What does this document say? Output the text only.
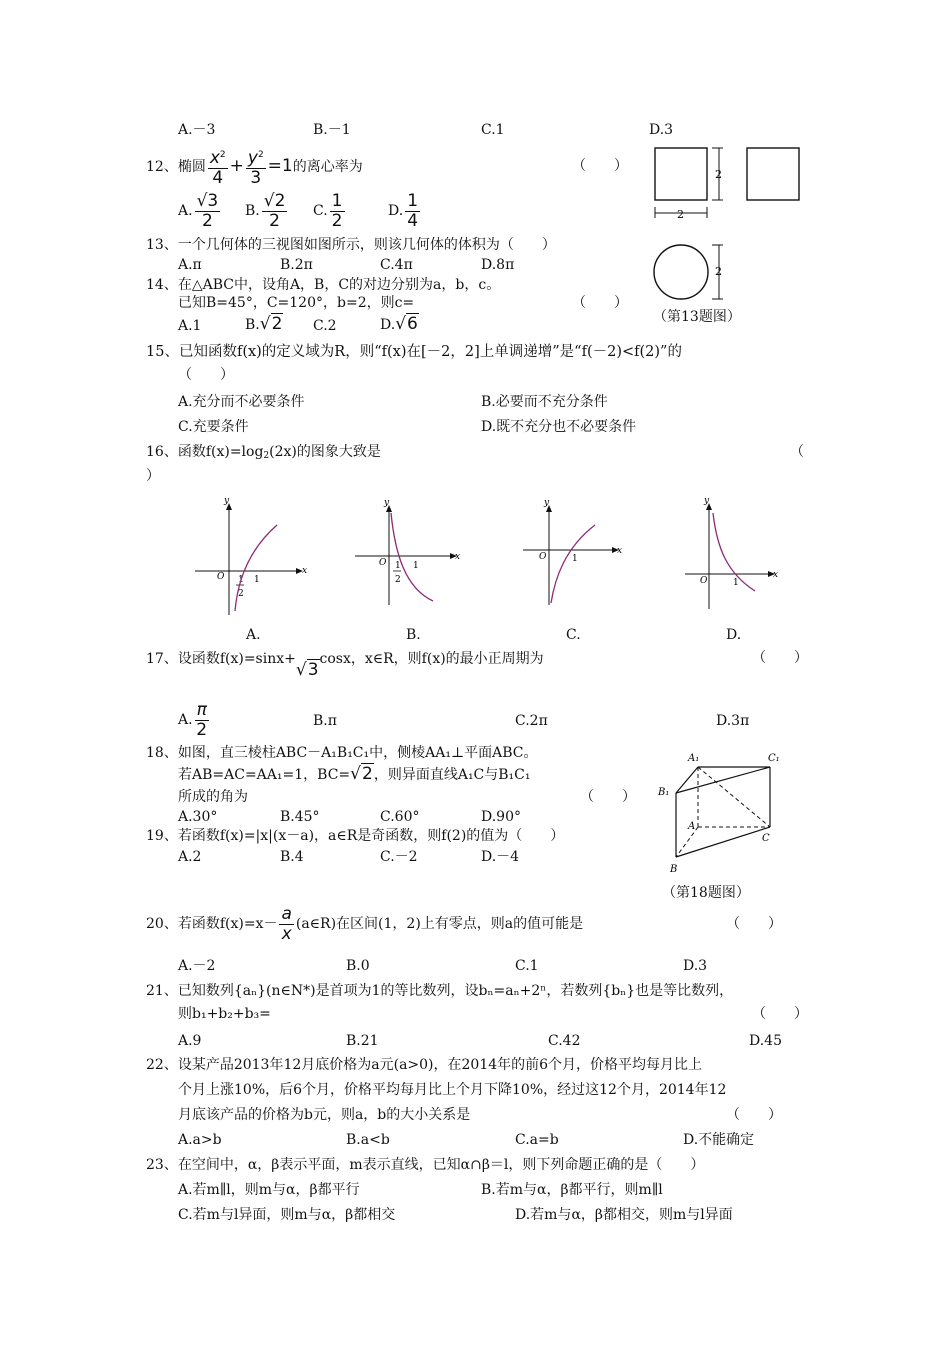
A.－3	B.－1	C.1	D.3
12、椭圆 $\frac{x^2}{4} + \frac{y^2}{3} =1$的离心率为	（　　）
A. $\frac{√3}{2} B$. $\frac{√2}{2} C$. $\frac{1}{2}$	D. $\frac{1}{4}$
2
2
2
（第13题图）
13、一个几何体的三视图如图所示，则该几何体的体积为（　　）
A.π	B.2π	C.4π	D.8π
14、在△ABC中，设角A，B，C的对边分别为a，b，c。
已知B=45°，C=120°，b=2，则c=	（　　）
A.1	B.√2 C.2	D.√6
15、已知函数f(x)的定义域为R，则“f(x)在[－2，2]上单调递增”是“f(－2)<f(2)”的
（　　）
A.充分而不必要条件	B.必要而不充分条件
C.充要条件	D.既不充分也不必要条件
16、函数$f(x)=\log_2(2x)$的图象大致是	（
）
y
x
O 1
2
1
y
x
O 1
2
1
y
x
O	1
y
x
O	1
A.	B.	C.	D.
17、设函数f(x)=sinx+√3cosx，x∈R，则f(x)的最小正周期为	（　　）
A. $\frac{\pi}{2}$	B.π	C.2π	D.3π
18、如图，直三棱柱ABC－A₁B₁C₁中，侧棱AA₁⊥平面ABC。
若AB=AC=AA₁=1，BC=√2，则异面直线A₁C与B₁C₁
所成的角为	（　　）
A.30°	B.45°	C.60°	D.90°
A₁	C₁
B₁
A
C
B
（第18题图）
19、若函数f(x)=|x|(x－a)，a∈R是奇函数，则f(2)的值为（　　）
A.2	B.4	C.－2	D.－4
20、若函数$f(x)=x- \frac{a}{x}$ (a∈R)在区间(1，2)上有零点，则a的值可能是	（　　）
A.－2	B.0	C.1	D.3
21、已知数列{aₙ}(n∈N*)是首项为1的等比数列，设bₙ=aₙ+2ⁿ，若数列{bₙ}也是等比数列，
则b₁+b₂+b₃=	（　　）
A.9	B.21	C.42	D.45
22、设某产品2013年12月底价格为a元(a>0)，在2014年的前6个月，价格平均每月比上
个月上涨10%，后6个月，价格平均每月比上个月下降10%，经过这12个月，2014年12
月底该产品的价格为b元，则a，b的大小关系是	（　　）
A.a>b	B.a<b	C.a=b	D.不能确定
23、在空间中，α，β表示平面，m表示直线，已知α∩β＝l，则下列命题正确的是（　　）
A.若m∥l，则m与α，β都平行	B.若m与α，β都平行，则m∥l
C.若m与l异面，则m与α，β都相交	D.若m与α，β都相交，则m与l异面
